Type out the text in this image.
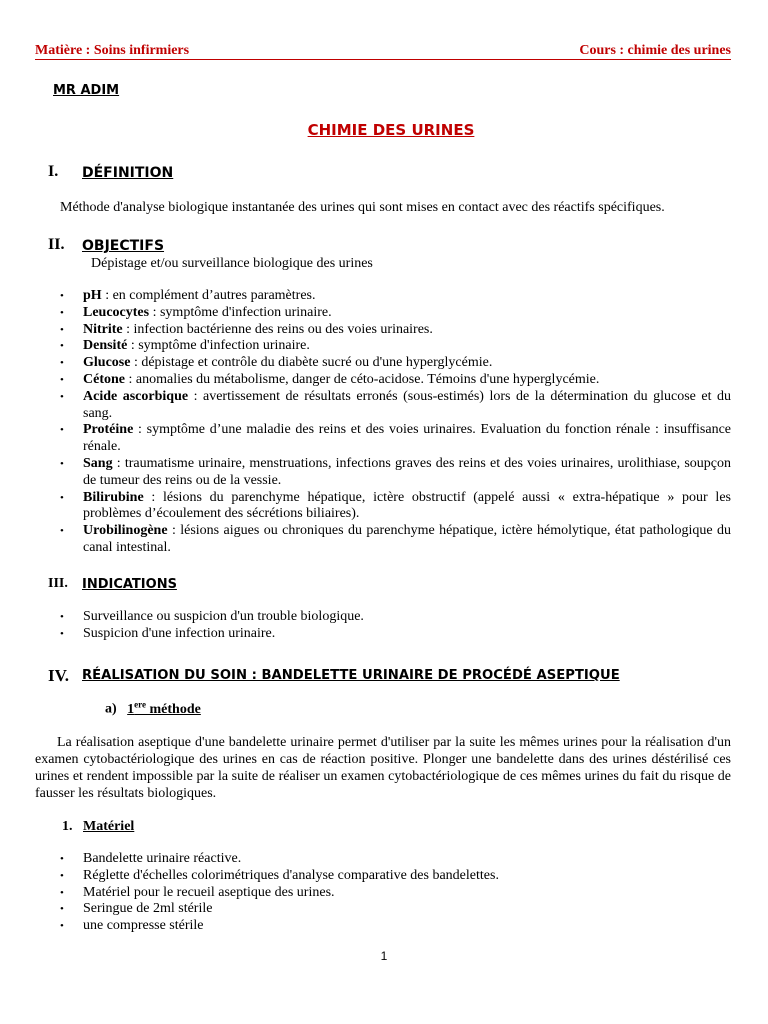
Matière : Soins infirmiers	Cours : chimie des urines
MR ADIM
CHIMIE DES URINES
I. DÉFINITION
Méthode d'analyse biologique instantanée des urines qui sont mises en contact avec des réactifs spécifiques.
II. OBJECTIFS
Dépistage et/ou surveillance biologique des urines
• pH : en complément d’autres paramètres.
• Leucocytes : symptôme d'infection urinaire.
• Nitrite : infection bactérienne des reins ou des voies urinaires.
• Densité : symptôme d'infection urinaire.
• Glucose : dépistage et contrôle du diabète sucré ou d'une hyperglycémie.
• Cétone : anomalies du métabolisme, danger de céto-acidose. Témoins d'une hyperglycémie.
• Acide ascorbique : avertissement de résultats erronés (sous-estimés) lors de la détermination du glucose et du sang.
• Protéine : symptôme d’une maladie des reins et des voies urinaires. Evaluation du fonction rénale : insuffisance rénale.
• Sang : traumatisme urinaire, menstruations, infections graves des reins et des voies urinaires, urolithiase, soupçon de tumeur des reins ou de la vessie.
• Bilirubine : lésions du parenchyme hépatique, ictère obstructif (appelé aussi « extra-hépatique » pour les problèmes d’écoulement des sécrétions biliaires).
• Urobilinogène : lésions aigues ou chroniques du parenchyme hépatique, ictère hémolytique, état pathologique du canal intestinal.
III. INDICATIONS
• Surveillance ou suspicion d'un trouble biologique.
• Suspicion d'une infection urinaire.
IV. RÉALISATION DU SOIN : BANDELETTE URINAIRE DE PROCÉDÉ ASEPTIQUE
a) 1ere méthode
La réalisation aseptique d'une bandelette urinaire permet d'utiliser par la suite les mêmes urines pour la réalisation d'un examen cytobactériologique des urines en cas de réaction positive. Plonger une bandelette dans des urines déstérilisé ces urines et rendent impossible par la suite de réaliser un examen cytobactériologique de ces mêmes urines du fait du risque de fausser les résultats biologiques.
1. Matériel
• Bandelette urinaire réactive.
• Réglette d'échelles colorimétriques d'analyse comparative des bandelettes.
• Matériel pour le recueil aseptique des urines.
• Seringue de 2ml stérile
• une compresse stérile
1
